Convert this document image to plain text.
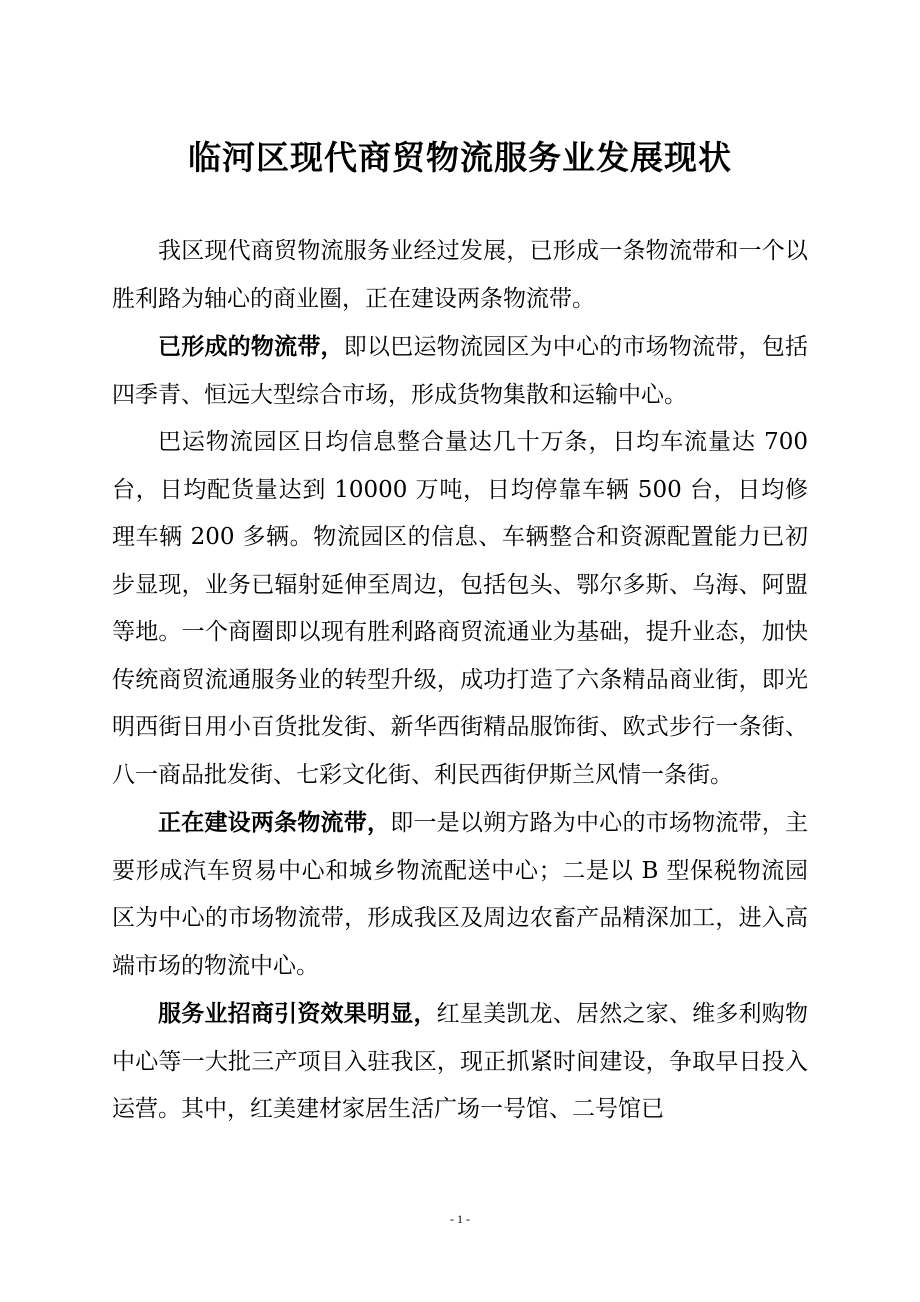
临河区现代商贸物流服务业发展现状

我区现代商贸物流服务业经过发展，已形成一条物流带和一个以胜利路为轴心的商业圈，正在建设两条物流带。

已形成的物流带，即以巴运物流园区为中心的市场物流带，包括四季青、恒远大型综合市场，形成货物集散和运输中心。

巴运物流园区日均信息整合量达几十万条，日均车流量达 700 台，日均配货量达到 10000 万吨，日均停靠车辆 500 台，日均修理车辆 200 多辆。物流园区的信息、车辆整合和资源配置能力已初步显现，业务已辐射延伸至周边，包括包头、鄂尔多斯、乌海、阿盟等地。一个商圈即以现有胜利路商贸流通业为基础，提升业态，加快传统商贸流通服务业的转型升级，成功打造了六条精品商业街，即光明西街日用小百货批发街、新华西街精品服饰街、欧式步行一条街、八一商品批发街、七彩文化街、利民西街伊斯兰风情一条街。

正在建设两条物流带，即一是以朔方路为中心的市场物流带，主要形成汽车贸易中心和城乡物流配送中心；二是以 B 型保税物流园区为中心的市场物流带，形成我区及周边农畜产品精深加工，进入高端市场的物流中心。

服务业招商引资效果明显，红星美凯龙、居然之家、维多利购物中心等一大批三产项目入驻我区，现正抓紧时间建设，争取早日投入运营。其中，红美建材家居生活广场一号馆、二号馆已

- 1 -
